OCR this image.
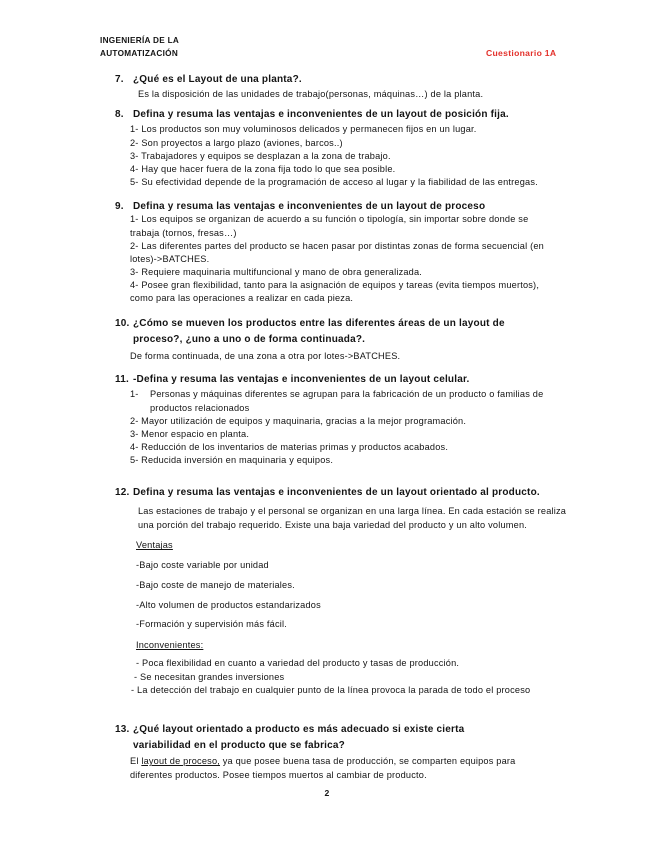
INGENIERÍA DE LA
AUTOMATIZACIÓN	Cuestionario 1A
7. ¿Qué es el Layout de una planta?.
Es la disposición de las unidades de trabajo(personas, máquinas…) de la planta.
8. Defina y resuma las ventajas e inconvenientes de un layout de posición fija.
1- Los productos son muy voluminosos delicados y permanecen fijos en un lugar.
2- Son proyectos a largo plazo (aviones, barcos..)
3- Trabajadores y equipos se desplazan a la zona de trabajo.
4- Hay que hacer fuera de la zona fija todo lo que sea posible.
5- Su efectividad depende de la programación de acceso al lugar y la fiabilidad de las entregas.
9. Defina y resuma las ventajas e inconvenientes de un layout de proceso
1- Los equipos se organizan de acuerdo a su función o tipología, sin importar sobre donde se trabaja (tornos, fresas…)
2- Las diferentes partes del producto se hacen pasar por distintas zonas de forma secuencial (en lotes)->BATCHES.
3- Requiere maquinaria multifuncional y mano de obra generalizada.
4- Posee gran flexibilidad, tanto para la asignación de equipos y tareas (evita tiempos muertos), como para las operaciones a realizar en cada pieza.
10. ¿Cómo se mueven los productos entre las diferentes áreas de un layout de proceso?, ¿uno a uno o de forma continuada?.
De forma continuada, de una zona a otra por lotes->BATCHES.
11. -Defina y resuma las ventajas e inconvenientes de un layout celular.
1-	Personas y máquinas diferentes se agrupan para la fabricación de un producto o familias de productos relacionados
2- Mayor utilización de equipos y maquinaria, gracias a la mejor programación.
3- Menor espacio en planta.
4- Reducción de los inventarios de materias primas y productos acabados.
5- Reducida inversión en maquinaria y equipos.
12. Defina y resuma las ventajas e inconvenientes de un layout orientado al producto.
Las estaciones de trabajo y el personal se organizan en una larga línea. En cada estación se realiza una porción del trabajo requerido. Existe una baja variedad del producto y un alto volumen.
Ventajas
-Bajo coste variable por unidad
-Bajo coste de manejo de materiales.
-Alto volumen de productos estandarizados
-Formación y supervisión más fácil.
Inconvenientes:
- Poca flexibilidad en cuanto a variedad del producto y tasas de producción.
- Se necesitan grandes inversiones
- La detección del trabajo en cualquier punto de la línea provoca la parada de todo el proceso
13. ¿Qué layout orientado a producto es más adecuado si existe cierta variabilidad en el producto que se fabrica?
El layout de proceso, ya que posee buena tasa de producción, se comparten equipos para diferentes productos. Posee tiempos muertos al cambiar de producto.
2
